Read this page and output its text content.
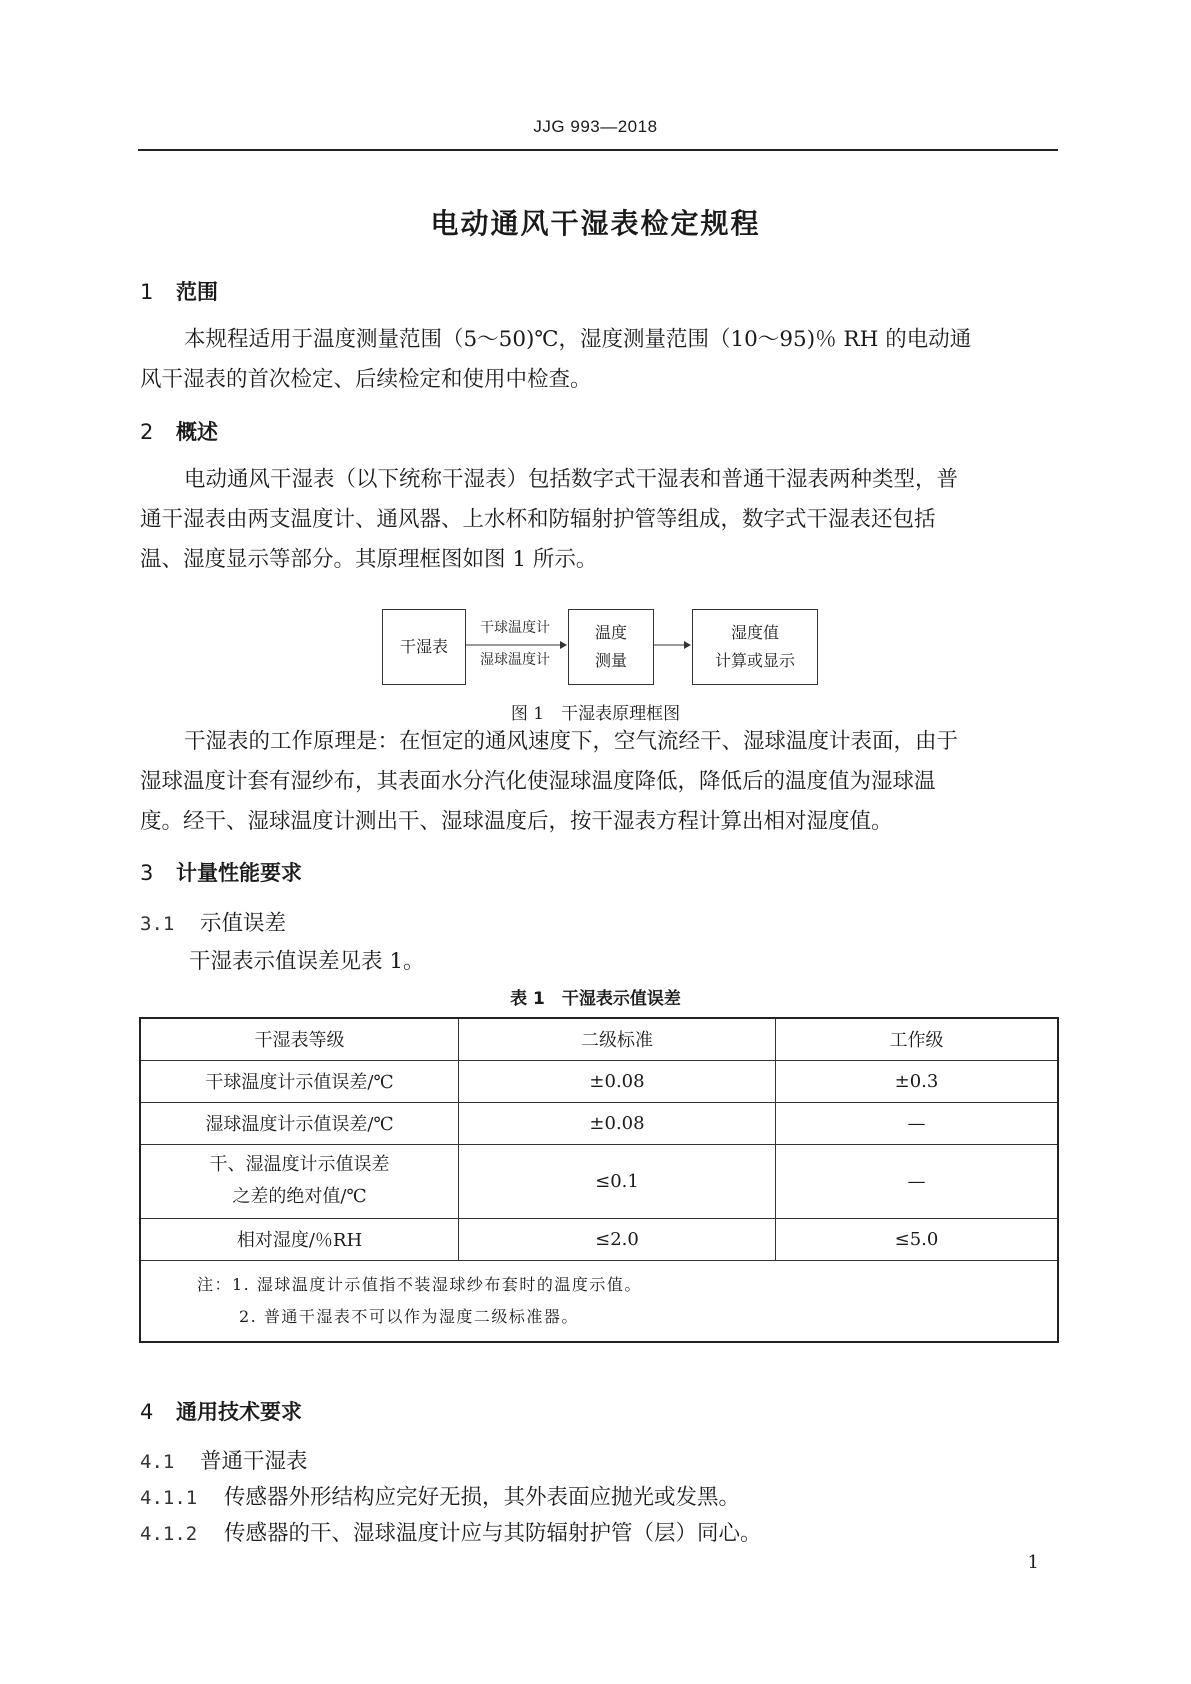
JJG 993—2018
电动通风干湿表检定规程
1 范围
本规程适用于温度测量范围（5～50)℃，湿度测量范围（10～95)％ RH 的电动通
风干湿表的首次检定、后续检定和使用中检查。
2 概述
电动通风干湿表（以下统称干湿表）包括数字式干湿表和普通干湿表两种类型，普
通干湿表由两支温度计、通风器、上水杯和防辐射护管等组成，数字式干湿表还包括
温、湿度显示等部分。其原理框图如图 1 所示。
干湿表
干球温度计
湿球温度计
温度
测量
湿度值
计算或显示
图 1　干湿表原理框图
干湿表的工作原理是：在恒定的通风速度下，空气流经干、湿球温度计表面，由于
湿球温度计套有湿纱布，其表面水分汽化使湿球温度降低，降低后的温度值为湿球温
度。经干、湿球温度计测出干、湿球温度后，按干湿表方程计算出相对湿度值。
3 计量性能要求
3.1 示值误差
干湿表示值误差见表 1。
表 1　干湿表示值误差
干湿表等级	二级标准	工作级
干球温度计示值误差/℃	±0.08	±0.3
湿球温度计示值误差/℃	±0.08	—

干、湿温度计示值误差
之差的绝对值/℃	≤0.1	—
相对湿度/％RH	≤2.0	≤5.0

注：1. 湿球温度计示值指不装湿球纱布套时的温度示值。
2. 普通干湿表不可以作为湿度二级标准器。		
4 通用技术要求
4.1 普通干湿表
4.1.1 传感器外形结构应完好无损，其外表面应抛光或发黑。
4.1.2 传感器的干、湿球温度计应与其防辐射护管（层）同心。
1
